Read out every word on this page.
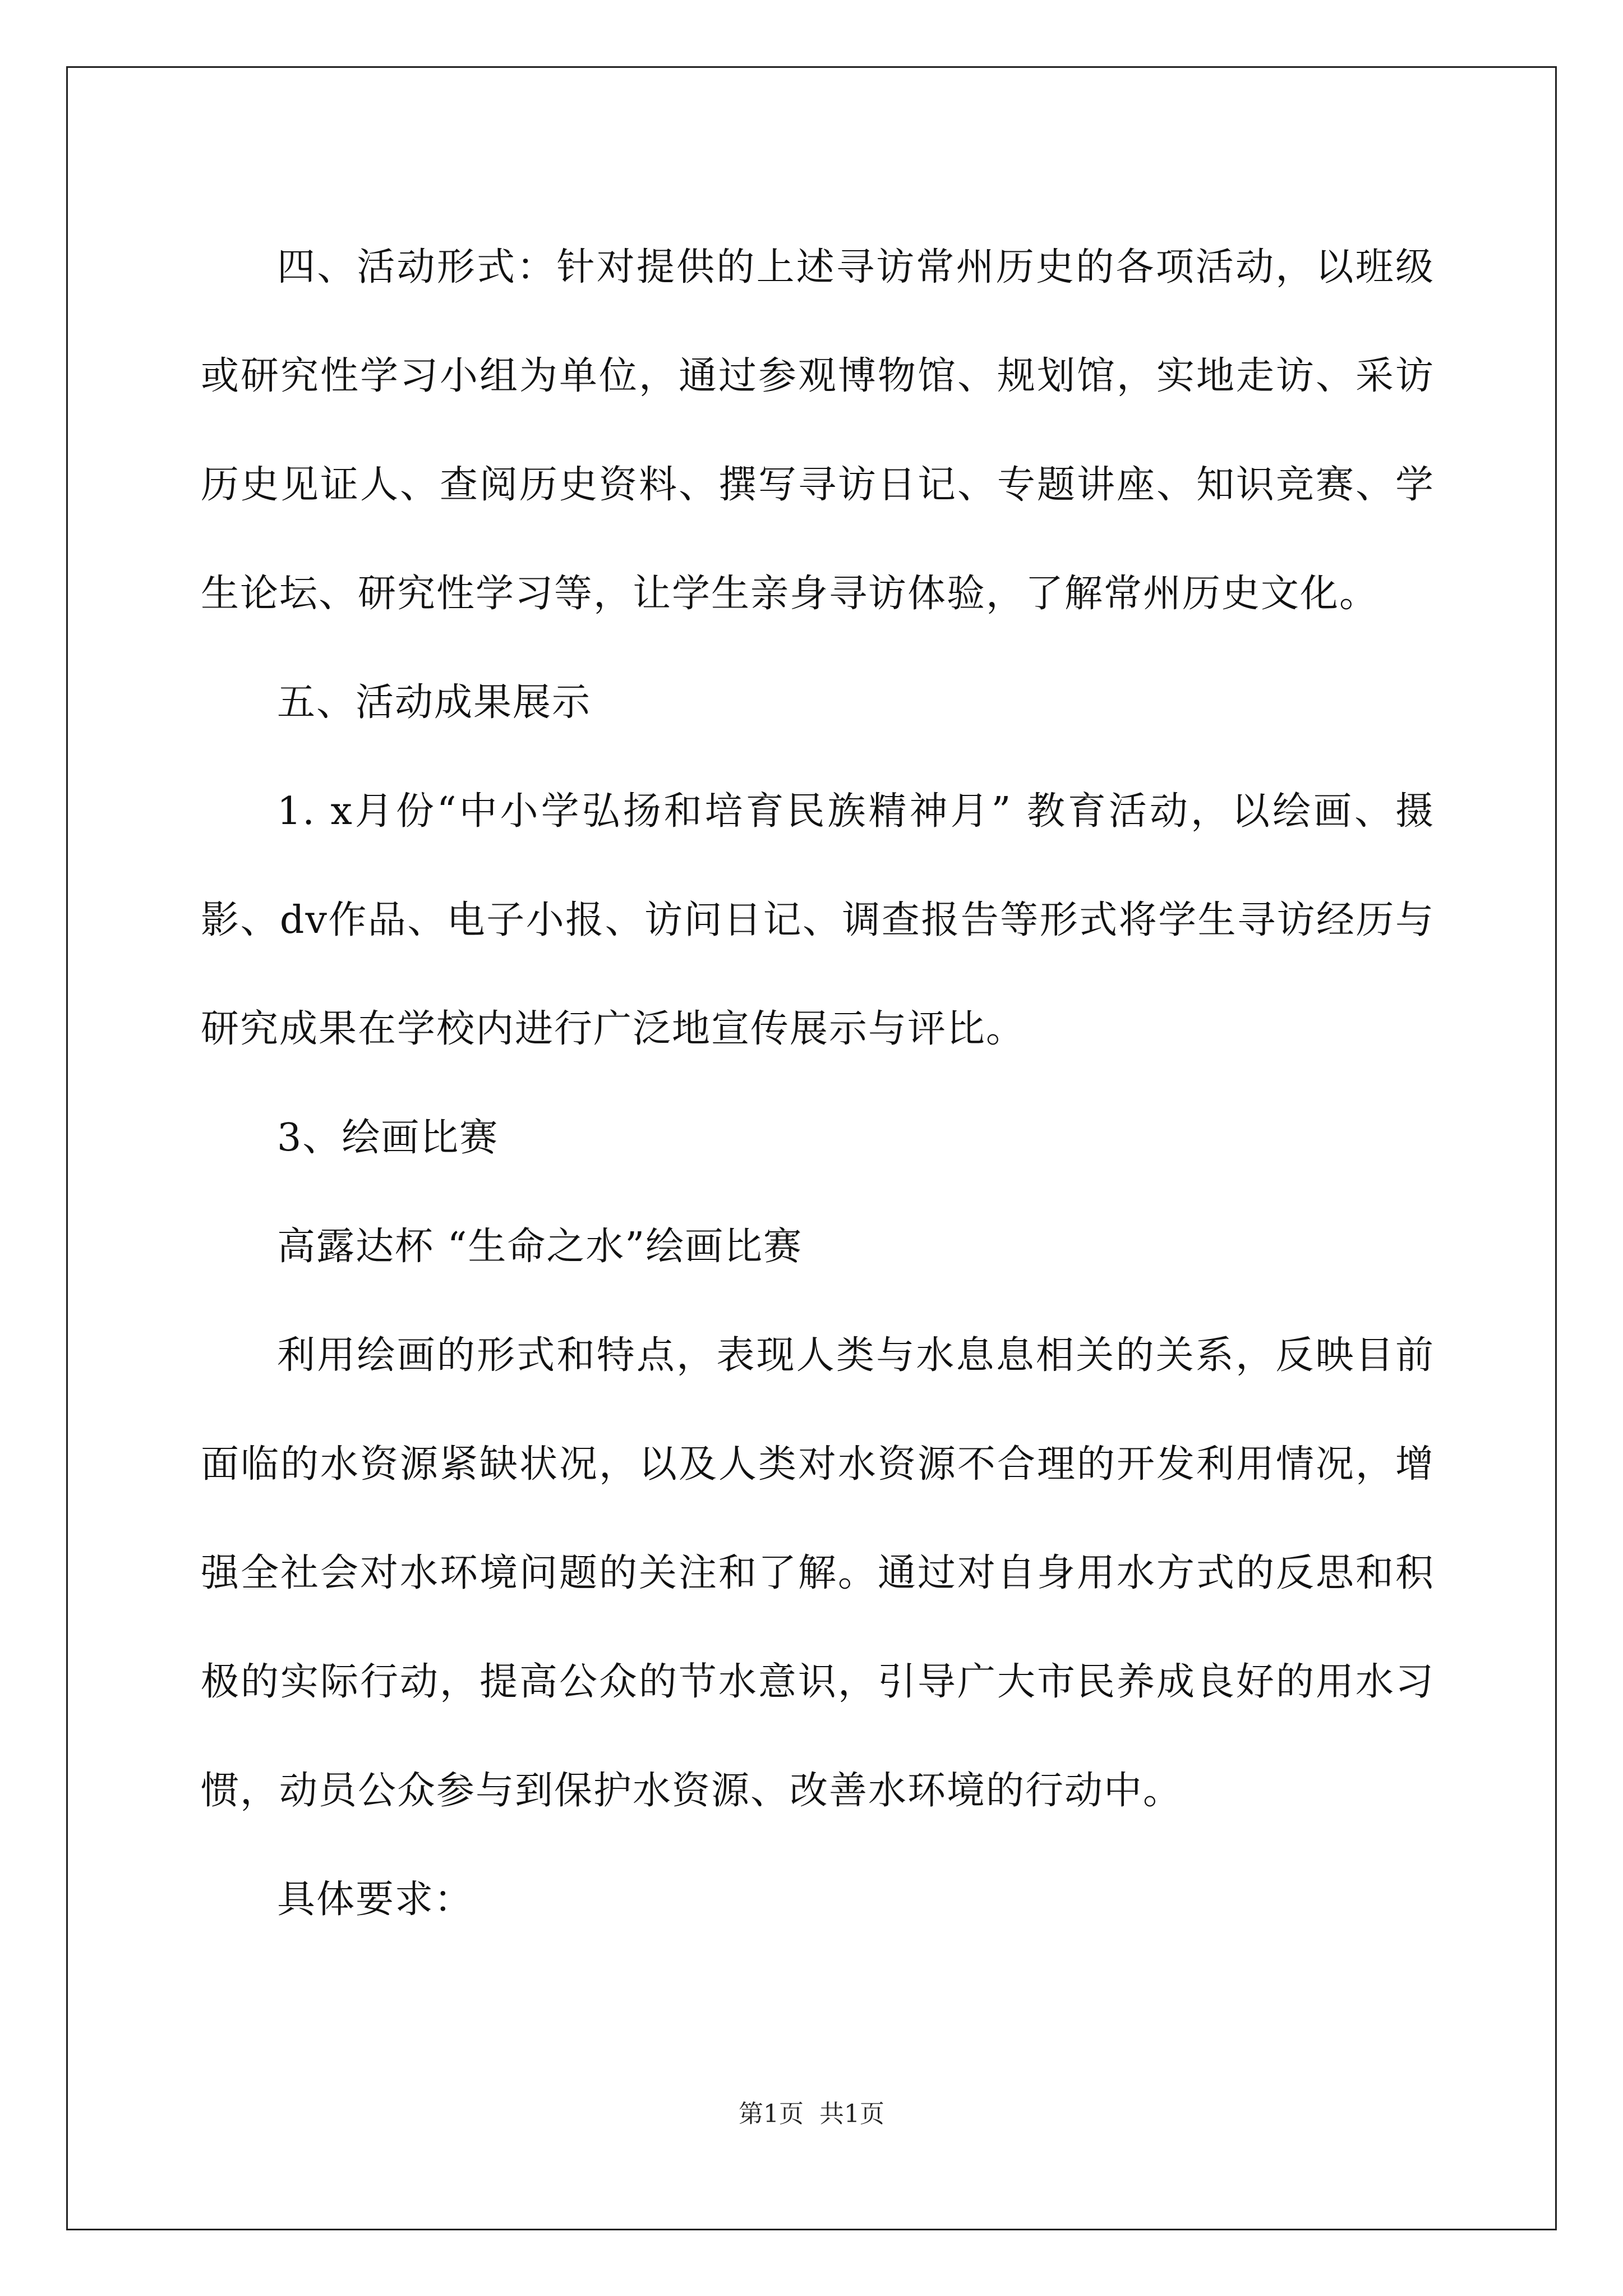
四、活动形式：针对提供的上述寻访常州历史的各项活动，以班级或研究性学习小组为单位，通过参观博物馆、规划馆，实地走访、采访历史见证人、查阅历史资料、撰写寻访日记、专题讲座、知识竞赛、学生论坛、研究性学习等，让学生亲身寻访体验，了解常州历史文化。

五、活动成果展示

1. x月份“中小学弘扬和培育民族精神月” 教育活动，以绘画、摄影、dv作品、电子小报、访问日记、调查报告等形式将学生寻访经历与研究成果在学校内进行广泛地宣传展示与评比。

3、绘画比赛

高露达杯 “生命之水”绘画比赛

利用绘画的形式和特点，表现人类与水息息相关的关系，反映目前面临的水资源紧缺状况，以及人类对水资源不合理的开发利用情况，增强全社会对水环境问题的关注和了解。通过对自身用水方式的反思和积极的实际行动，提高公众的节水意识，引导广大市民养成良好的用水习惯，动员公众参与到保护水资源、改善水环境的行动中。

具体要求：

第1页  共1页
